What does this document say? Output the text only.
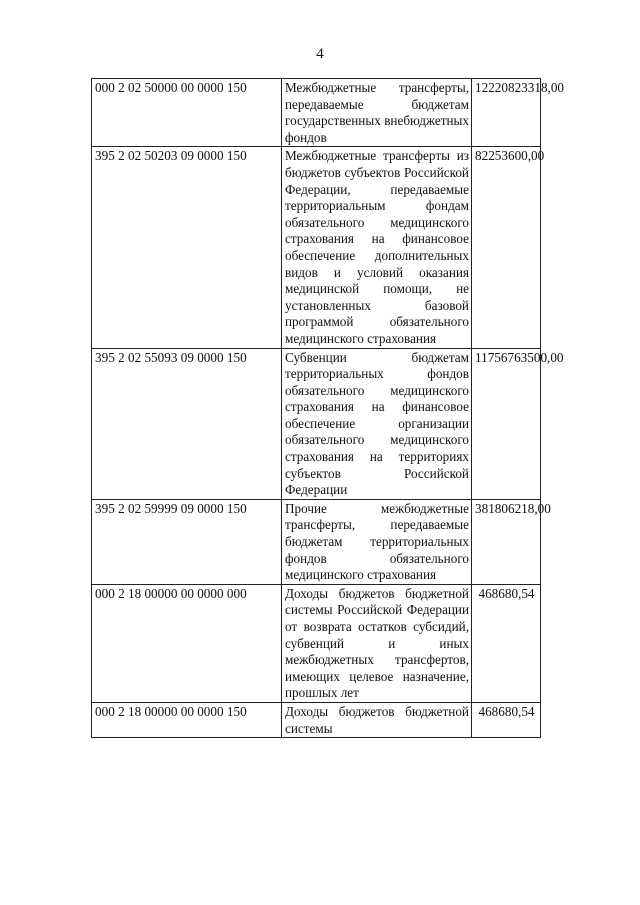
4
000 2 02 50000 00 0000 150	Межбюджетные трансферты, передаваемые бюджетам государственных внебюджетных фондов	12220823318,00
395 2 02 50203 09 0000 150	Межбюджетные трансферты из бюджетов субъектов Российской Федерации, передаваемые территориальным фондам обязательного медицинского страхования на финансовое обеспечение дополнительных видов и условий оказания медицинской помощи, не установленных базовой программой обязательного медицинского страхования	82253600,00
395 2 02 55093 09 0000 150	Субвенции бюджетам территориальных фондов обязательного медицинского страхования на финансовое обеспечение организации обязательного медицинского страхования на территориях субъектов Российской Федерации	11756763500,00
395 2 02 59999 09 0000 150	Прочие межбюджетные трансферты, передаваемые бюджетам территориальных фондов обязательного медицинского страхования	381806218,00
000 2 18 00000 00 0000 000	Доходы бюджетов бюджетной системы Российской Федерации от возврата остатков субсидий, субвенций и иных межбюджетных трансфертов, имеющих целевое назначение, прошлых лет	468680,54
000 2 18 00000 00 0000 150	Доходы бюджетов бюджетной системы	468680,54
